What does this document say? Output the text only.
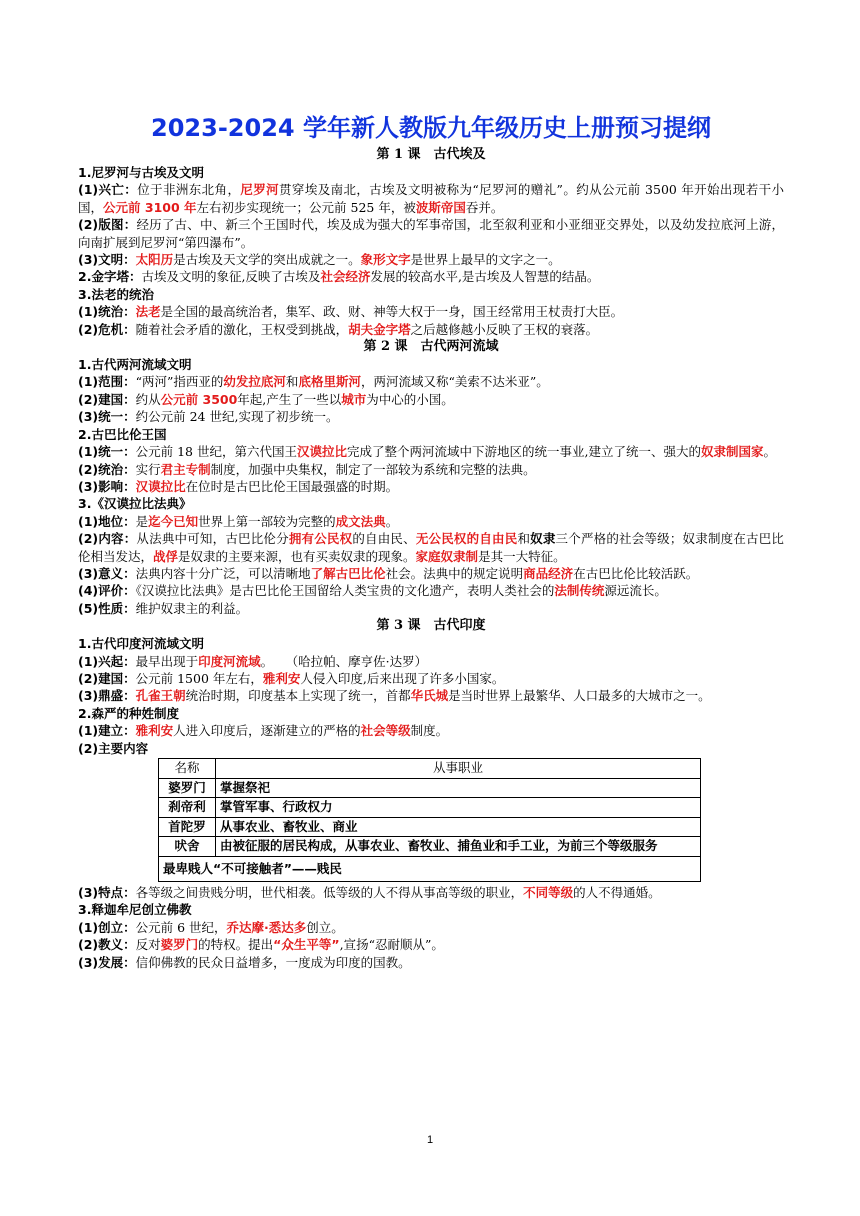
2023-2024 学年新人教版九年级历史上册预习提纲

第 1 课　古代埃及

1.尼罗河与古埃及文明

(1)兴亡：位于非洲东北角，尼罗河贯穿埃及南北，古埃及文明被称为“尼罗河的赠礼”。约从公元前 3500 年开始出现若干小国，公元前 3100 年左右初步实现统一；公元前 525 年，被波斯帝国吞并。

(2)版图：经历了古、中、新三个王国时代，埃及成为强大的军事帝国，北至叙利亚和小亚细亚交界处，以及幼发拉底河上游，向南扩展到尼罗河“第四瀑布”。

(3)文明：太阳历是古埃及天文学的突出成就之一。象形文字是世界上最早的文字之一。

2.金字塔：古埃及文明的象征,反映了古埃及社会经济发展的较高水平,是古埃及人智慧的结晶。

3.法老的统治

(1)统治：法老是全国的最高统治者，集军、政、财、神等大权于一身，国王经常用王杖责打大臣。

(2)危机：随着社会矛盾的激化，王权受到挑战，胡夫金字塔之后越修越小反映了王权的衰落。

第 2 课　古代两河流域

1.古代两河流域文明

(1)范围：“两河”指西亚的幼发拉底河和底格里斯河，两河流域又称“美索不达米亚”。

(2)建国：约从公元前 3500年起,产生了一些以城市为中心的小国。

(3)统一：约公元前 24 世纪,实现了初步统一。

2.古巴比伦王国

(1)统一：公元前 18 世纪，第六代国王汉谟拉比完成了整个两河流域中下游地区的统一事业,建立了统一、强大的奴隶制国家。

(2)统治：实行君主专制制度，加强中央集权，制定了一部较为系统和完整的法典。

(3)影响：汉谟拉比在位时是古巴比伦王国最强盛的时期。

3.《汉谟拉比法典》

(1)地位：是迄今已知世界上第一部较为完整的成文法典。

(2)内容：从法典中可知，古巴比伦分拥有公民权的自由民、无公民权的自由民和奴隶三个严格的社会等级；奴隶制度在古巴比伦相当发达，战俘是奴隶的主要来源，也有买卖奴隶的现象。家庭奴隶制是其一大特征。

(3)意义：法典内容十分广泛，可以清晰地了解古巴比伦社会。法典中的规定说明商品经济在古巴比伦比较活跃。

(4)评价：《汉谟拉比法典》是古巴比伦王国留给人类宝贵的文化遗产，表明人类社会的法制传统源远流长。

(5)性质：维护奴隶主的利益。

第 3 课　古代印度

1.古代印度河流域文明

(1)兴起：最早出现于印度河流域。　　（哈拉帕、摩亨佐·达罗）

(2)建国：公元前 1500 年左右，雅利安人侵入印度,后来出现了许多小国家。

(3)鼎盛：孔雀王朝统治时期，印度基本上实现了统一，首都华氏城是当时世界上最繁华、人口最多的大城市之一。

2.森严的种姓制度

(1)建立：雅利安人进入印度后，逐渐建立的严格的社会等级制度。

(2)主要内容

名称	从事职业
婆罗门	掌握祭祀
刹帝利	掌管军事、行政权力
首陀罗	从事农业、畜牧业、商业
吠舍	由被征服的居民构成，从事农业、畜牧业、捕鱼业和手工业，为前三个等级服务
最卑贱人“不可接触者”——贱民	

(3)特点：各等级之间贵贱分明，世代相袭。低等级的人不得从事高等级的职业，不同等级的人不得通婚。

3.释迦牟尼创立佛教

(1)创立：公元前 6 世纪，乔达摩·悉达多创立。

(2)教义：反对婆罗门的特权。提出“众生平等”,宣扬“忍耐顺从”。

(3)发展：信仰佛教的民众日益增多，一度成为印度的国教。

1
